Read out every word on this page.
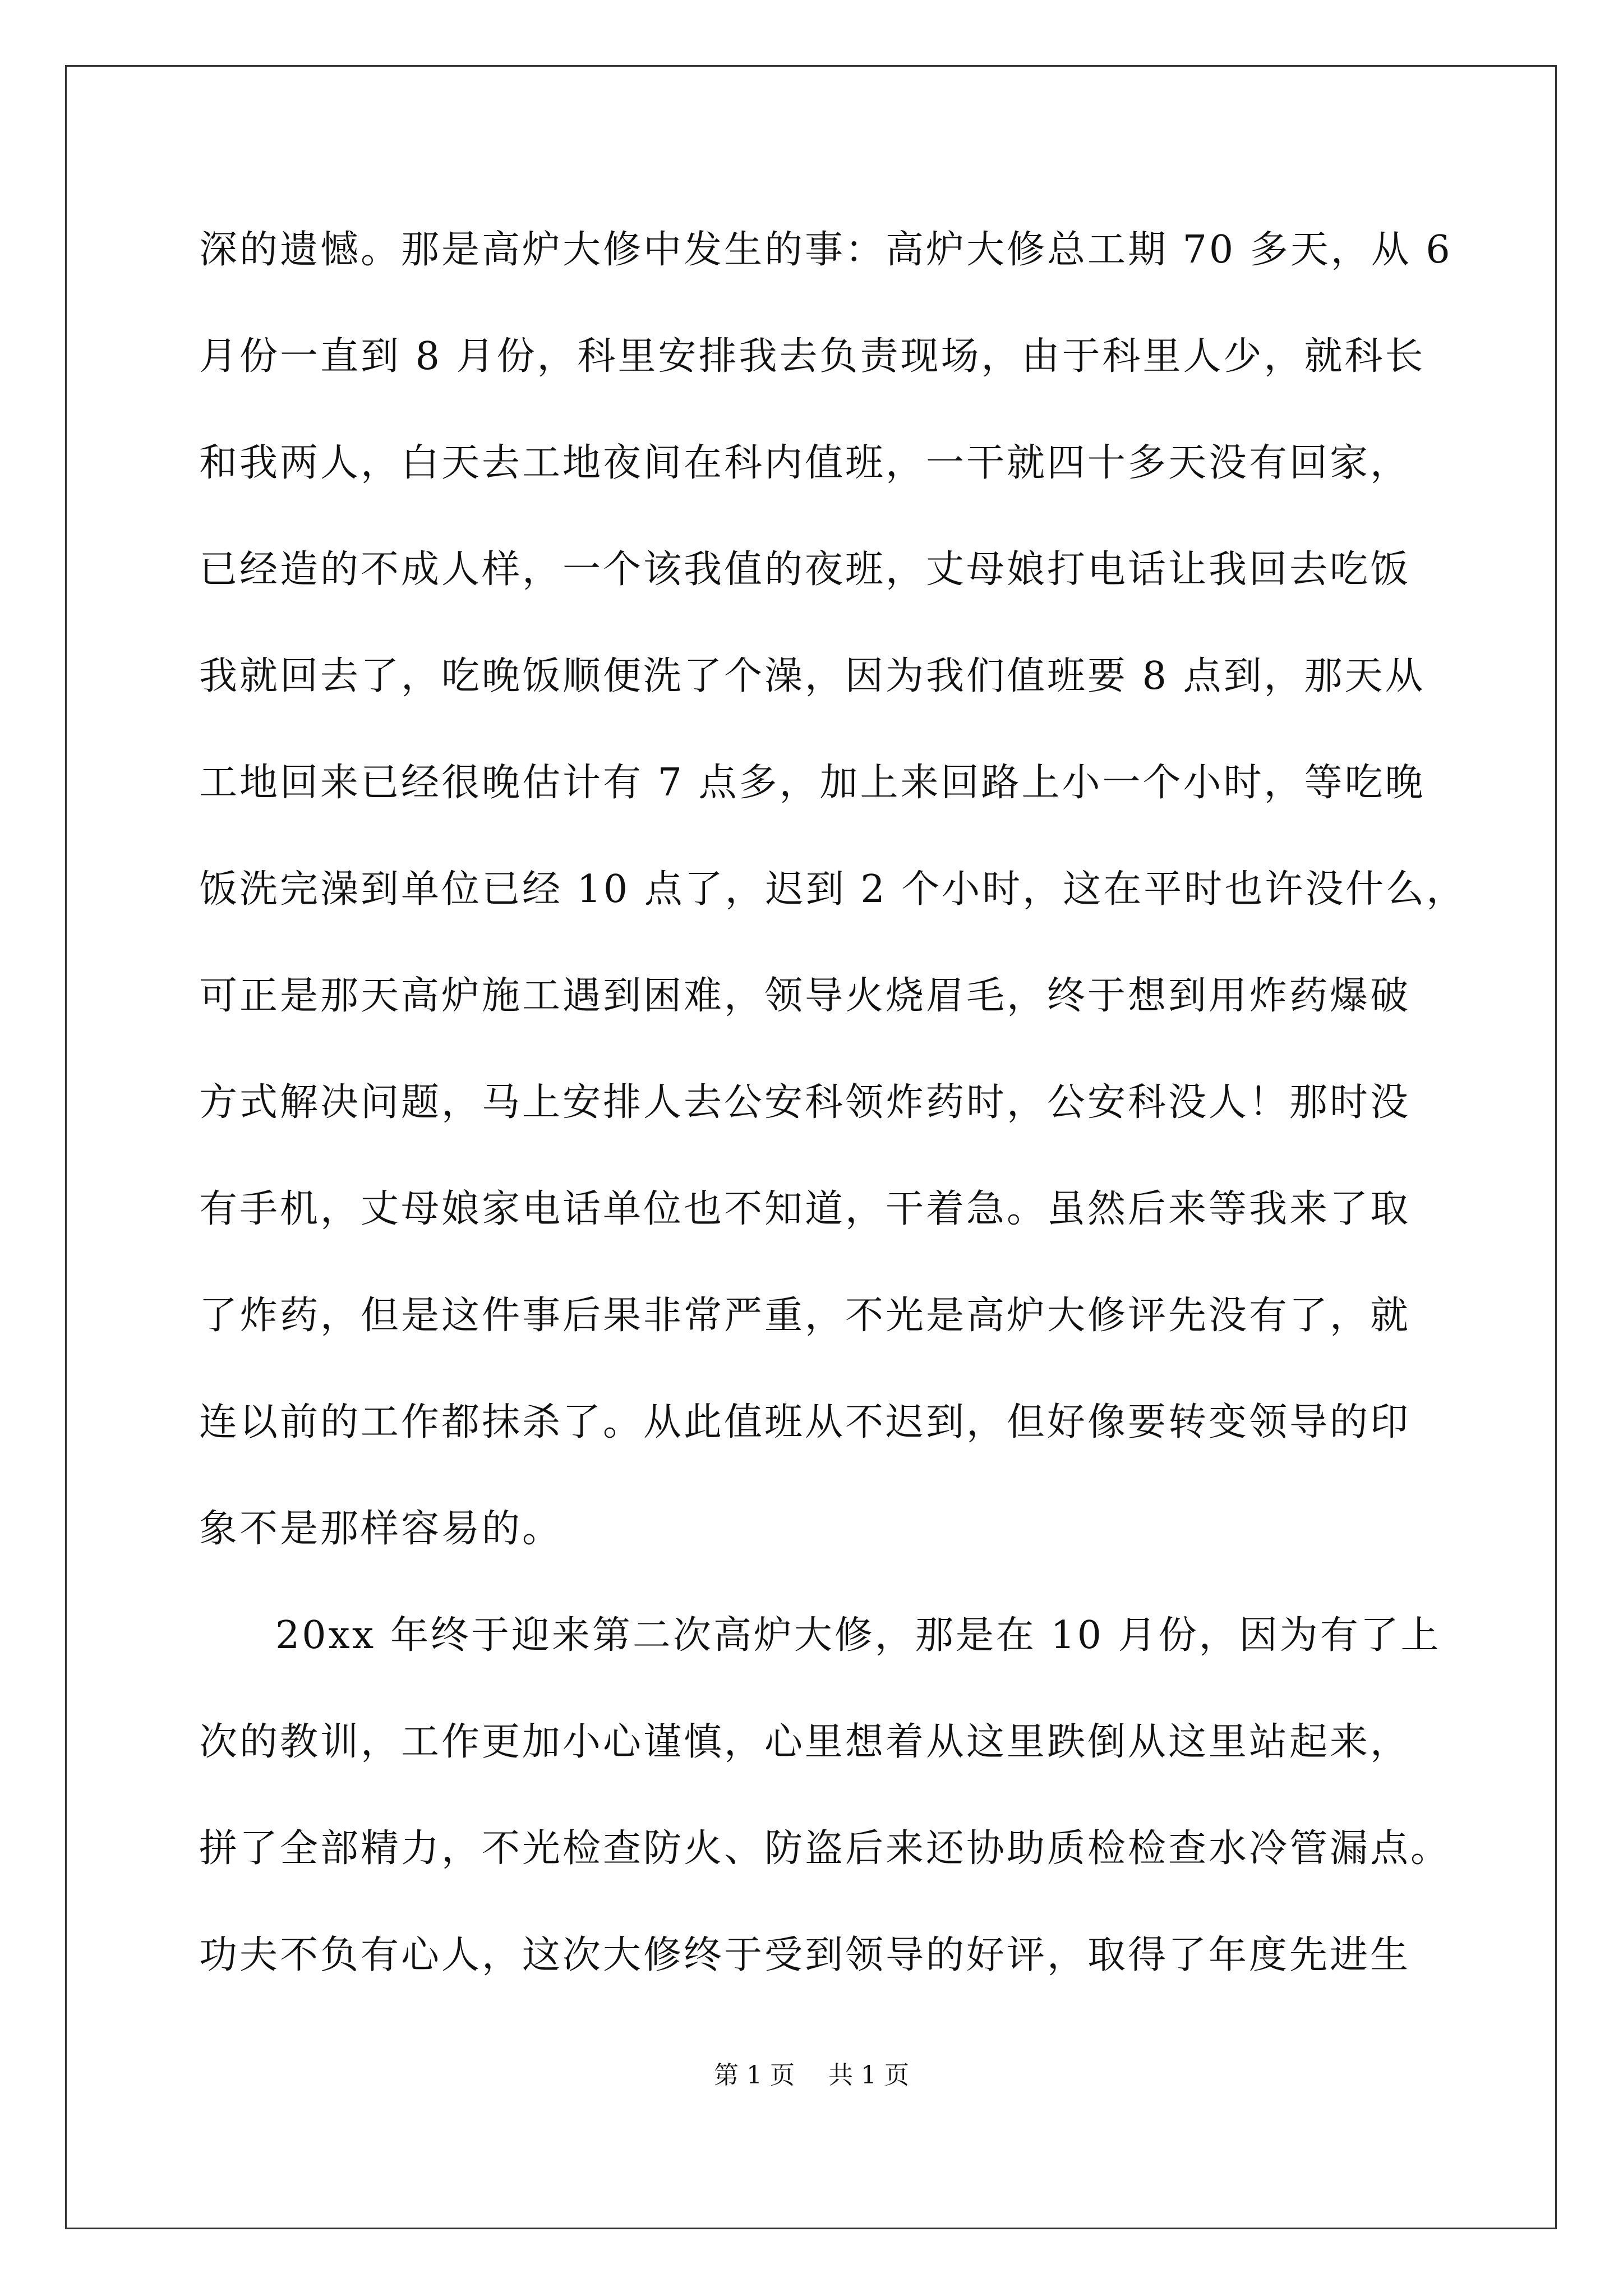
深的遗憾。那是高炉大修中发生的事：高炉大修总工期 70 多天，从 6
月份一直到 8 月份，科里安排我去负责现场，由于科里人少，就科长
和我两人，白天去工地夜间在科内值班，一干就四十多天没有回家，
已经造的不成人样，一个该我值的夜班，丈母娘打电话让我回去吃饭
我就回去了，吃晚饭顺便洗了个澡，因为我们值班要 8 点到，那天从
工地回来已经很晚估计有 7 点多，加上来回路上小一个小时，等吃晚
饭洗完澡到单位已经 10 点了，迟到 2 个小时，这在平时也许没什么，
可正是那天高炉施工遇到困难，领导火烧眉毛，终于想到用炸药爆破
方式解决问题，马上安排人去公安科领炸药时，公安科没人！那时没
有手机，丈母娘家电话单位也不知道，干着急。虽然后来等我来了取
了炸药，但是这件事后果非常严重，不光是高炉大修评先没有了，就
连以前的工作都抹杀了。从此值班从不迟到，但好像要转变领导的印
象不是那样容易的。
20xx 年终于迎来第二次高炉大修，那是在 10 月份，因为有了上
次的教训，工作更加小心谨慎，心里想着从这里跌倒从这里站起来，
拼了全部精力，不光检查防火、防盗后来还协助质检检查水冷管漏点。
功夫不负有心人，这次大修终于受到领导的好评，取得了年度先进生
第 1 页 共 1 页
